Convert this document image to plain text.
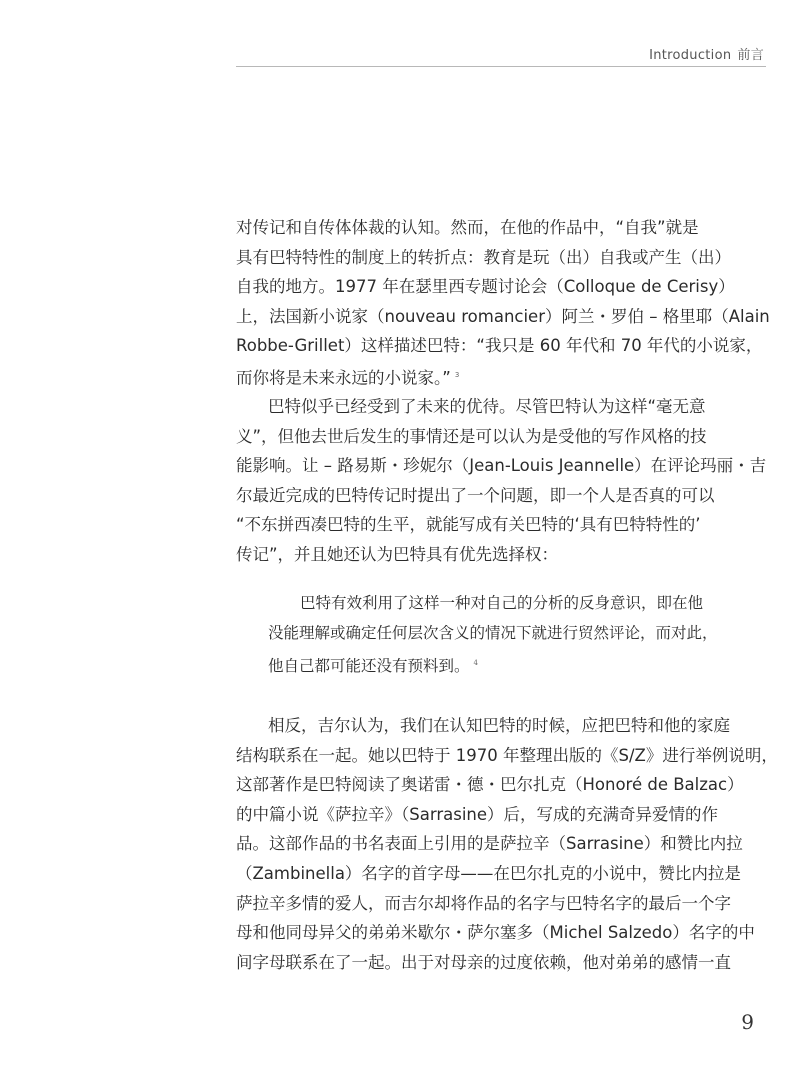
Introduction 前言
对传记和自传体体裁的认知。然而，在他的作品中，“自我”就是
具有巴特特性的制度上的转折点：教育是玩（出）自我或产生（出）
自我的地方。1977 年在瑟里西专题讨论会（Colloque de Cerisy）
上，法国新小说家（nouveau romancier）阿兰・罗伯 – 格里耶（Alain
Robbe-Grillet）这样描述巴特：“我只是 60 年代和 70 年代的小说家，
而你将是未来永远的小说家。” $^3$
巴特似乎已经受到了未来的优待。尽管巴特认为这样“毫无意
义”，但他去世后发生的事情还是可以认为是受他的写作风格的技
能影响。让 – 路易斯・珍妮尔（Jean-Louis Jeannelle）在评论玛丽・吉
尔最近完成的巴特传记时提出了一个问题，即一个人是否真的可以
“不东拼西凑巴特的生平，就能写成有关巴特的‘具有巴特特性的’
传记”，并且她还认为巴特具有优先选择权：
巴特有效利用了这样一种对自己的分析的反身意识，即在他
没能理解或确定任何层次含义的情况下就进行贸然评论，而对此，
他自己都可能还没有预料到。 $^4$
相反，吉尔认为，我们在认知巴特的时候，应把巴特和他的家庭
结构联系在一起。她以巴特于 1970 年整理出版的《S/Z》进行举例说明，
这部著作是巴特阅读了奥诺雷・德・巴尔扎克（Honoré de Balzac）
的中篇小说《萨拉辛》（Sarrasine）后，写成的充满奇异爱情的作
品。这部作品的书名表面上引用的是萨拉辛（Sarrasine）和赞比内拉
（Zambinella）名字的首字母——在巴尔扎克的小说中，赞比内拉是
萨拉辛多情的爱人，而吉尔却将作品的名字与巴特名字的最后一个字
母和他同母异父的弟弟米歇尔・萨尔塞多（Michel Salzedo）名字的中
间字母联系在了一起。出于对母亲的过度依赖，他对弟弟的感情一直
9
